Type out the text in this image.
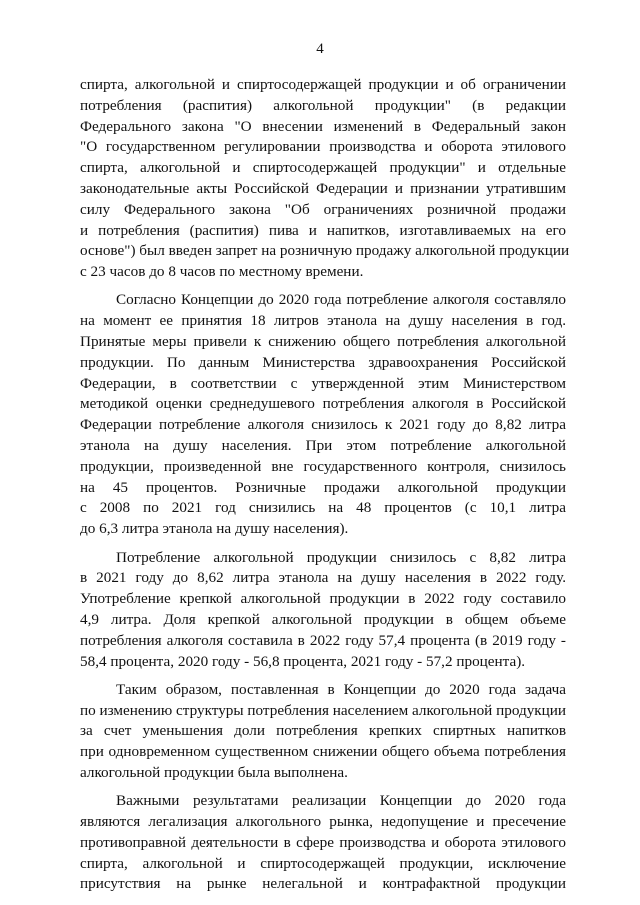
4
спирта, алкогольной и спиртосодержащей продукции и об ограничении
потребления (распития) алкогольной продукции" (в редакции
Федерального закона "О внесении изменений в Федеральный закон
"О государственном регулировании производства и оборота этилового
спирта, алкогольной и спиртосодержащей продукции" и отдельные
законодательные акты Российской Федерации и признании утратившим
силу Федерального закона "Об ограничениях розничной продажи
и потребления (распития) пива и напитков, изготавливаемых на его
основе") был введен запрет на розничную продажу алкогольной продукции
с 23 часов до 8 часов по местному времени.
Согласно Концепции до 2020 года потребление алкоголя составляло
на момент ее принятия 18 литров этанола на душу населения в год.
Принятые меры привели к снижению общего потребления алкогольной
продукции. По данным Министерства здравоохранения Российской
Федерации, в соответствии с утвержденной этим Министерством
методикой оценки среднедушевого потребления алкоголя в Российской
Федерации потребление алкоголя снизилось к 2021 году до 8,82 литра
этанола на душу населения. При этом потребление алкогольной
продукции, произведенной вне государственного контроля, снизилось
на 45 процентов. Розничные продажи алкогольной продукции
с 2008 по 2021 год снизились на 48 процентов (с 10,1 литра
до 6,3 литра этанола на душу населения).
Потребление алкогольной продукции снизилось с 8,82 литра
в 2021 году до 8,62 литра этанола на душу населения в 2022 году.
Употребление крепкой алкогольной продукции в 2022 году составило
4,9 литра. Доля крепкой алкогольной продукции в общем объеме
потребления алкоголя составила в 2022 году 57,4 процента (в 2019 году -
58,4 процента, 2020 году - 56,8 процента, 2021 году - 57,2 процента).
Таким образом, поставленная в Концепции до 2020 года задача
по изменению структуры потребления населением алкогольной продукции
за счет уменьшения доли потребления крепких спиртных напитков
при одновременном существенном снижении общего объема потребления
алкогольной продукции была выполнена.
Важными результатами реализации Концепции до 2020 года
являются легализация алкогольного рынка, недопущение и пресечение
противоправной деятельности в сфере производства и оборота этилового
спирта, алкогольной и спиртосодержащей продукции, исключение
присутствия на рынке нелегальной и контрафактной продукции
